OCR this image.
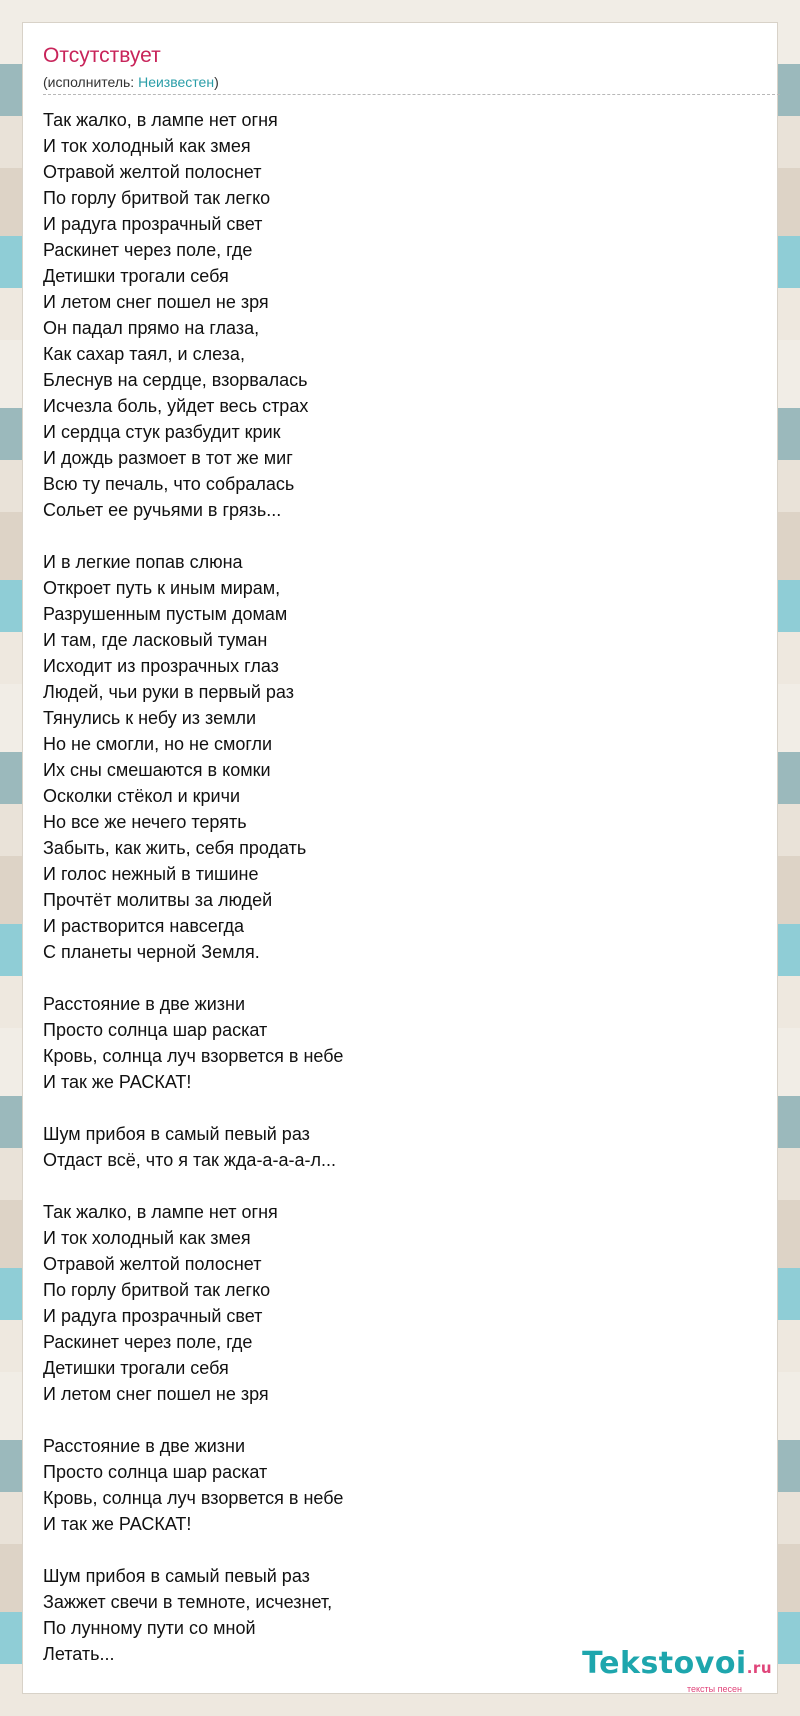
Отсутствует
(исполнитель: Неизвестен)
Так жалко, в лампе нет огня
И ток холодный как змея
Отравой желтой полоснет
По горлу бритвой так легко
И радуга прозрачный свет
Раскинет через поле, где
Детишки трогали себя
И летом снег пошел не зря
Он падал прямо на глаза,
Как сахар таял, и слеза,
Блеснув на сердце, взорвалась
Исчезла боль, уйдет весь страх
И сердца стук разбудит крик
И дождь размоет в тот же миг
Всю ту печаль, что собралась
Сольет ее ручьями в грязь...
И в легкие попав слюна
Откроет путь к иным мирам,
Разрушенным пустым домам
И там, где ласковый туман
Исходит из прозрачных глаз
Людей, чьи руки в первый раз
Тянулись к небу из земли
Но не смогли, но не смогли
Их сны смешаются в комки
Осколки стёкол и кричи
Но все же нечего терять
Забыть, как жить, себя продать
И голос нежный в тишине
Прочтёт молитвы за людей
И растворится навсегда
С планеты черной Земля.
Расстояние в две жизни
Просто солнца шар раскат
Кровь, солнца луч взорвется в небе
И так же РАСКАТ!
Шум прибоя в самый певый раз
Отдаст всё, что я так жда-а-а-а-л...
Так жалко, в лампе нет огня
И ток холодный как змея
Отравой желтой полоснет
По горлу бритвой так легко
И радуга прозрачный свет
Раскинет через поле, где
Детишки трогали себя
И летом снег пошел не зря
Расстояние в две жизни
Просто солнца шар раскат
Кровь, солнца луч взорвется в небе
И так же РАСКАТ!
Шум прибоя в самый певый раз
Зажжет свечи в темноте, исчезнет,
По лунному пути со мной
Летать...	Tekstovoi.ru
тексты песен
